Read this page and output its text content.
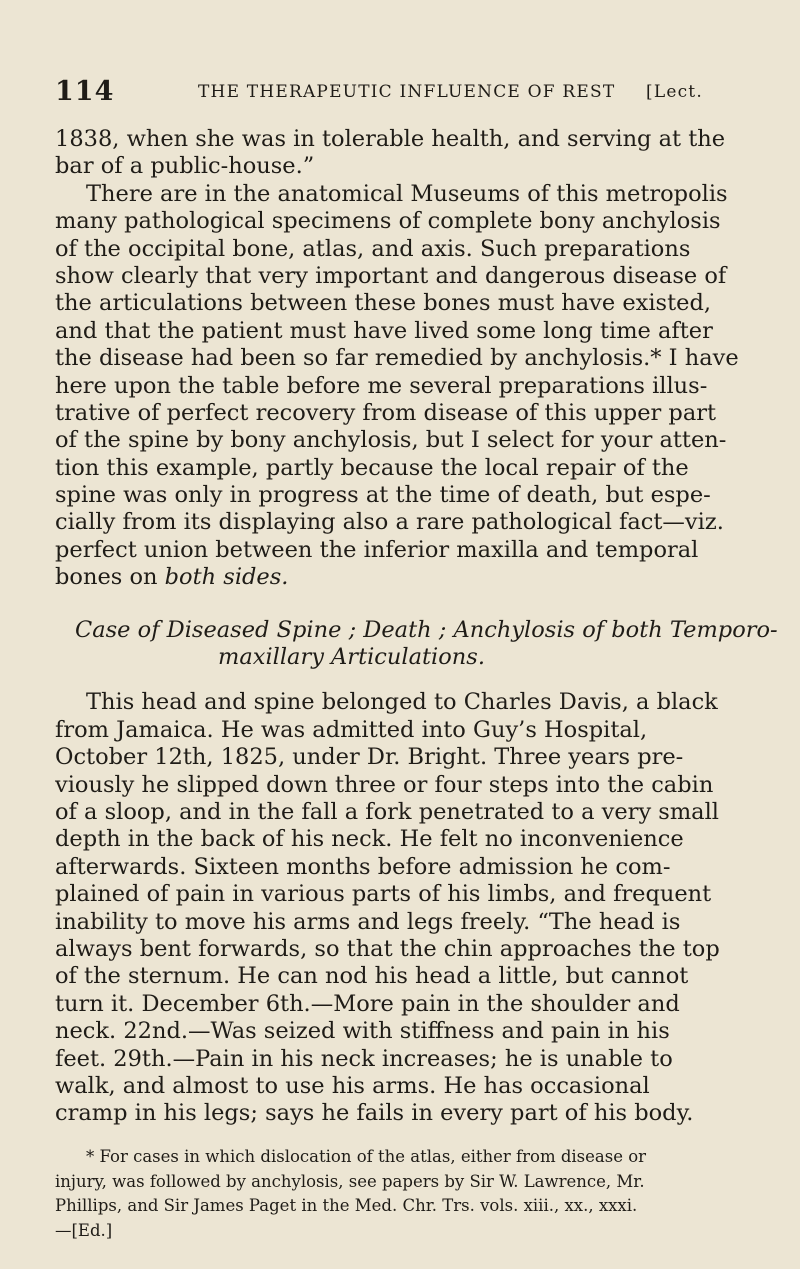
114	THE THERAPEUTIC INFLUENCE OF REST [Lect.
1838, when she was in tolerable health, and serving at the
bar of a public-house.”
There are in the anatomical Museums of this metropolis
many pathological specimens of complete bony anchylosis
of the occipital bone, atlas, and axis. Such preparations
show clearly that very important and dangerous disease of
the articulations between these bones must have existed,
and that the patient must have lived some long time after
the disease had been so far remedied by anchylosis.* I have
here upon the table before me several preparations illus-
trative of perfect recovery from disease of this upper part
of the spine by bony anchylosis, but I select for your atten-
tion this example, partly because the local repair of the
spine was only in progress at the time of death, but espe-
cially from its displaying also a rare pathological fact—viz.
perfect union between the inferior maxilla and temporal
bones on both sides.
Case of Diseased Spine ; Death ; Anchylosis of both Temporo-
maxillary Articulations.
This head and spine belonged to Charles Davis, a black
from Jamaica. He was admitted into Guy’s Hospital,
October 12th, 1825, under Dr. Bright. Three years pre-
viously he slipped down three or four steps into the cabin
of a sloop, and in the fall a fork penetrated to a very small
depth in the back of his neck. He felt no inconvenience
afterwards. Sixteen months before admission he com-
plained of pain in various parts of his limbs, and frequent
inability to move his arms and legs freely. “The head is
always bent forwards, so that the chin approaches the top
of the sternum. He can nod his head a little, but cannot
turn it. December 6th.—More pain in the shoulder and
neck. 22nd.—Was seized with stiffness and pain in his
feet. 29th.—Pain in his neck increases; he is unable to
walk, and almost to use his arms. He has occasional
cramp in his legs; says he fails in every part of his body.
* For cases in which dislocation of the atlas, either from disease or
injury, was followed by anchylosis, see papers by Sir W. Lawrence, Mr.
Phillips, and Sir James Paget in the Med. Chr. Trs. vols. xiii., xx., xxxi.
—[Ed.]
